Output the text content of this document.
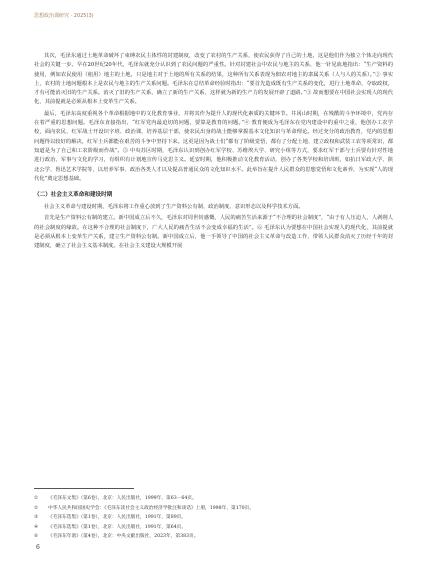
思想政治课研究 · 2025(3)

其次，毛泽东通过土地革命破坏了束缚农民主体性的封建制度，改变了农村的生产关系，使农民获得了自己的土地，这是他们作为独立个体走向现代社会的关键一步。早在20世纪20年代，毛泽东就充分认识到了农民问题的严重性。针对封建社会中农民与地主的关系，他一针见血地指出：“生产资料的使用，例如农民使用（租用）地主的土地，只是地主对于土地的所有关系的结果，这种所有关系表现为佃农对地主的隶属关系（人与人的关系）。”② 事实上，农村的土地问题根本上是农民与地主的生产关系问题。毛泽东在总结革命经验时指出：“要首先造成既有生产关系的变化，进行土地革命，夺取政权，才有可能消灭旧的生产关系。消灭了旧的生产关系，确立了新的生产关系，这样就为新的生产力的发展开辟了道路。”③ 故而想要在中国社会实现人的现代化，其前提就是必须从根本上变革生产关系。

最后，毛泽东高度重视各个革命根据地中的文化教育事业，并将其作为提升人的现代化素质的关键环节。井冈山时期，在残酷的斗争环境中，党内存在着严重的思想问题。毛泽东直接指出，“红军党内最迫切的问题，要算是教育的问题。”④ 教育便成为毛泽东在党内建设中的重中之重，他创办工农学校，面向农民、红军战士开设识字班、政治课，培养基层干部，使农民出身的战士能够掌握基本文化知识与革命理论。经过充分的政治教育，党内的思想问题得以较好的解决，红军士兵都能在艰苦的斗争中坚持下来。这更是因为战士们“都有了阶级觉悟，都有了分配土地、建立政权和武装工农等项常识，都知道是为了自己和工农阶级而作战”。⑤ 中央苏区时期，毛泽东认识到创办红军学校、苏维埃大学、研究小组等方式，要求红军干部与士兵要有针对性地进行政治、军事与文化的学习，有组织有计划地宣传马克思主义。延安时期，他积极推动文化教育活动，创办了各类学校和培训班，如抗日军政大学、陕北公学、鲁迅艺术学院等，以培养军事、政治各类人才以及提高普通民众的文化知识水平。此举旨在提升人民群众的思想觉悟和文化素养，为实现“人的现代化”奠定思想基础。

（二）社会主义革命和建设时期

社会主义革命与建设时期，毛泽东将工作重心放到了生产资料公有制、政治制度、意识形态以及科学技术方面。

首先是生产资料公有制的建立。新中国成立后不久，毛泽东对周世钊感慨，人民的痛苦生活来源于“不合理的社会制度”，“由于有人压迫人，人剥削人的社会制度的缘故。在这种不合理的社会制度下，广大人民的痛苦生活不会变成幸福的生活”。⑥ 毛泽东认为要想在中国社会实现人的现代化，其前提就是必须从根本上变革生产关系，建立生产资料公有制。新中国成立后，他一手领导了中国的社会主义革命与改造工作，带领人民群众消灭了历经千年的封建制度，确立了社会主义基本制度。在社会主义建设大规模开展

① 《毛泽东文集》（第6卷），北京：人民出版社，1999年，第63－64页。
② 中华人民共和国国史学会：《毛泽东读社会主义政治经济学批注和谈话》上册，1998年，第170页。
③ 《毛泽东选集》（第1卷），北京：人民出版社，1991年，第89页。
④ 《毛泽东选集》（第1卷），北京：人民出版社，1991年，第64页。
⑤ 《毛泽东年谱》（第4卷），北京：中央文献出版社，2023年，第383页。
6
